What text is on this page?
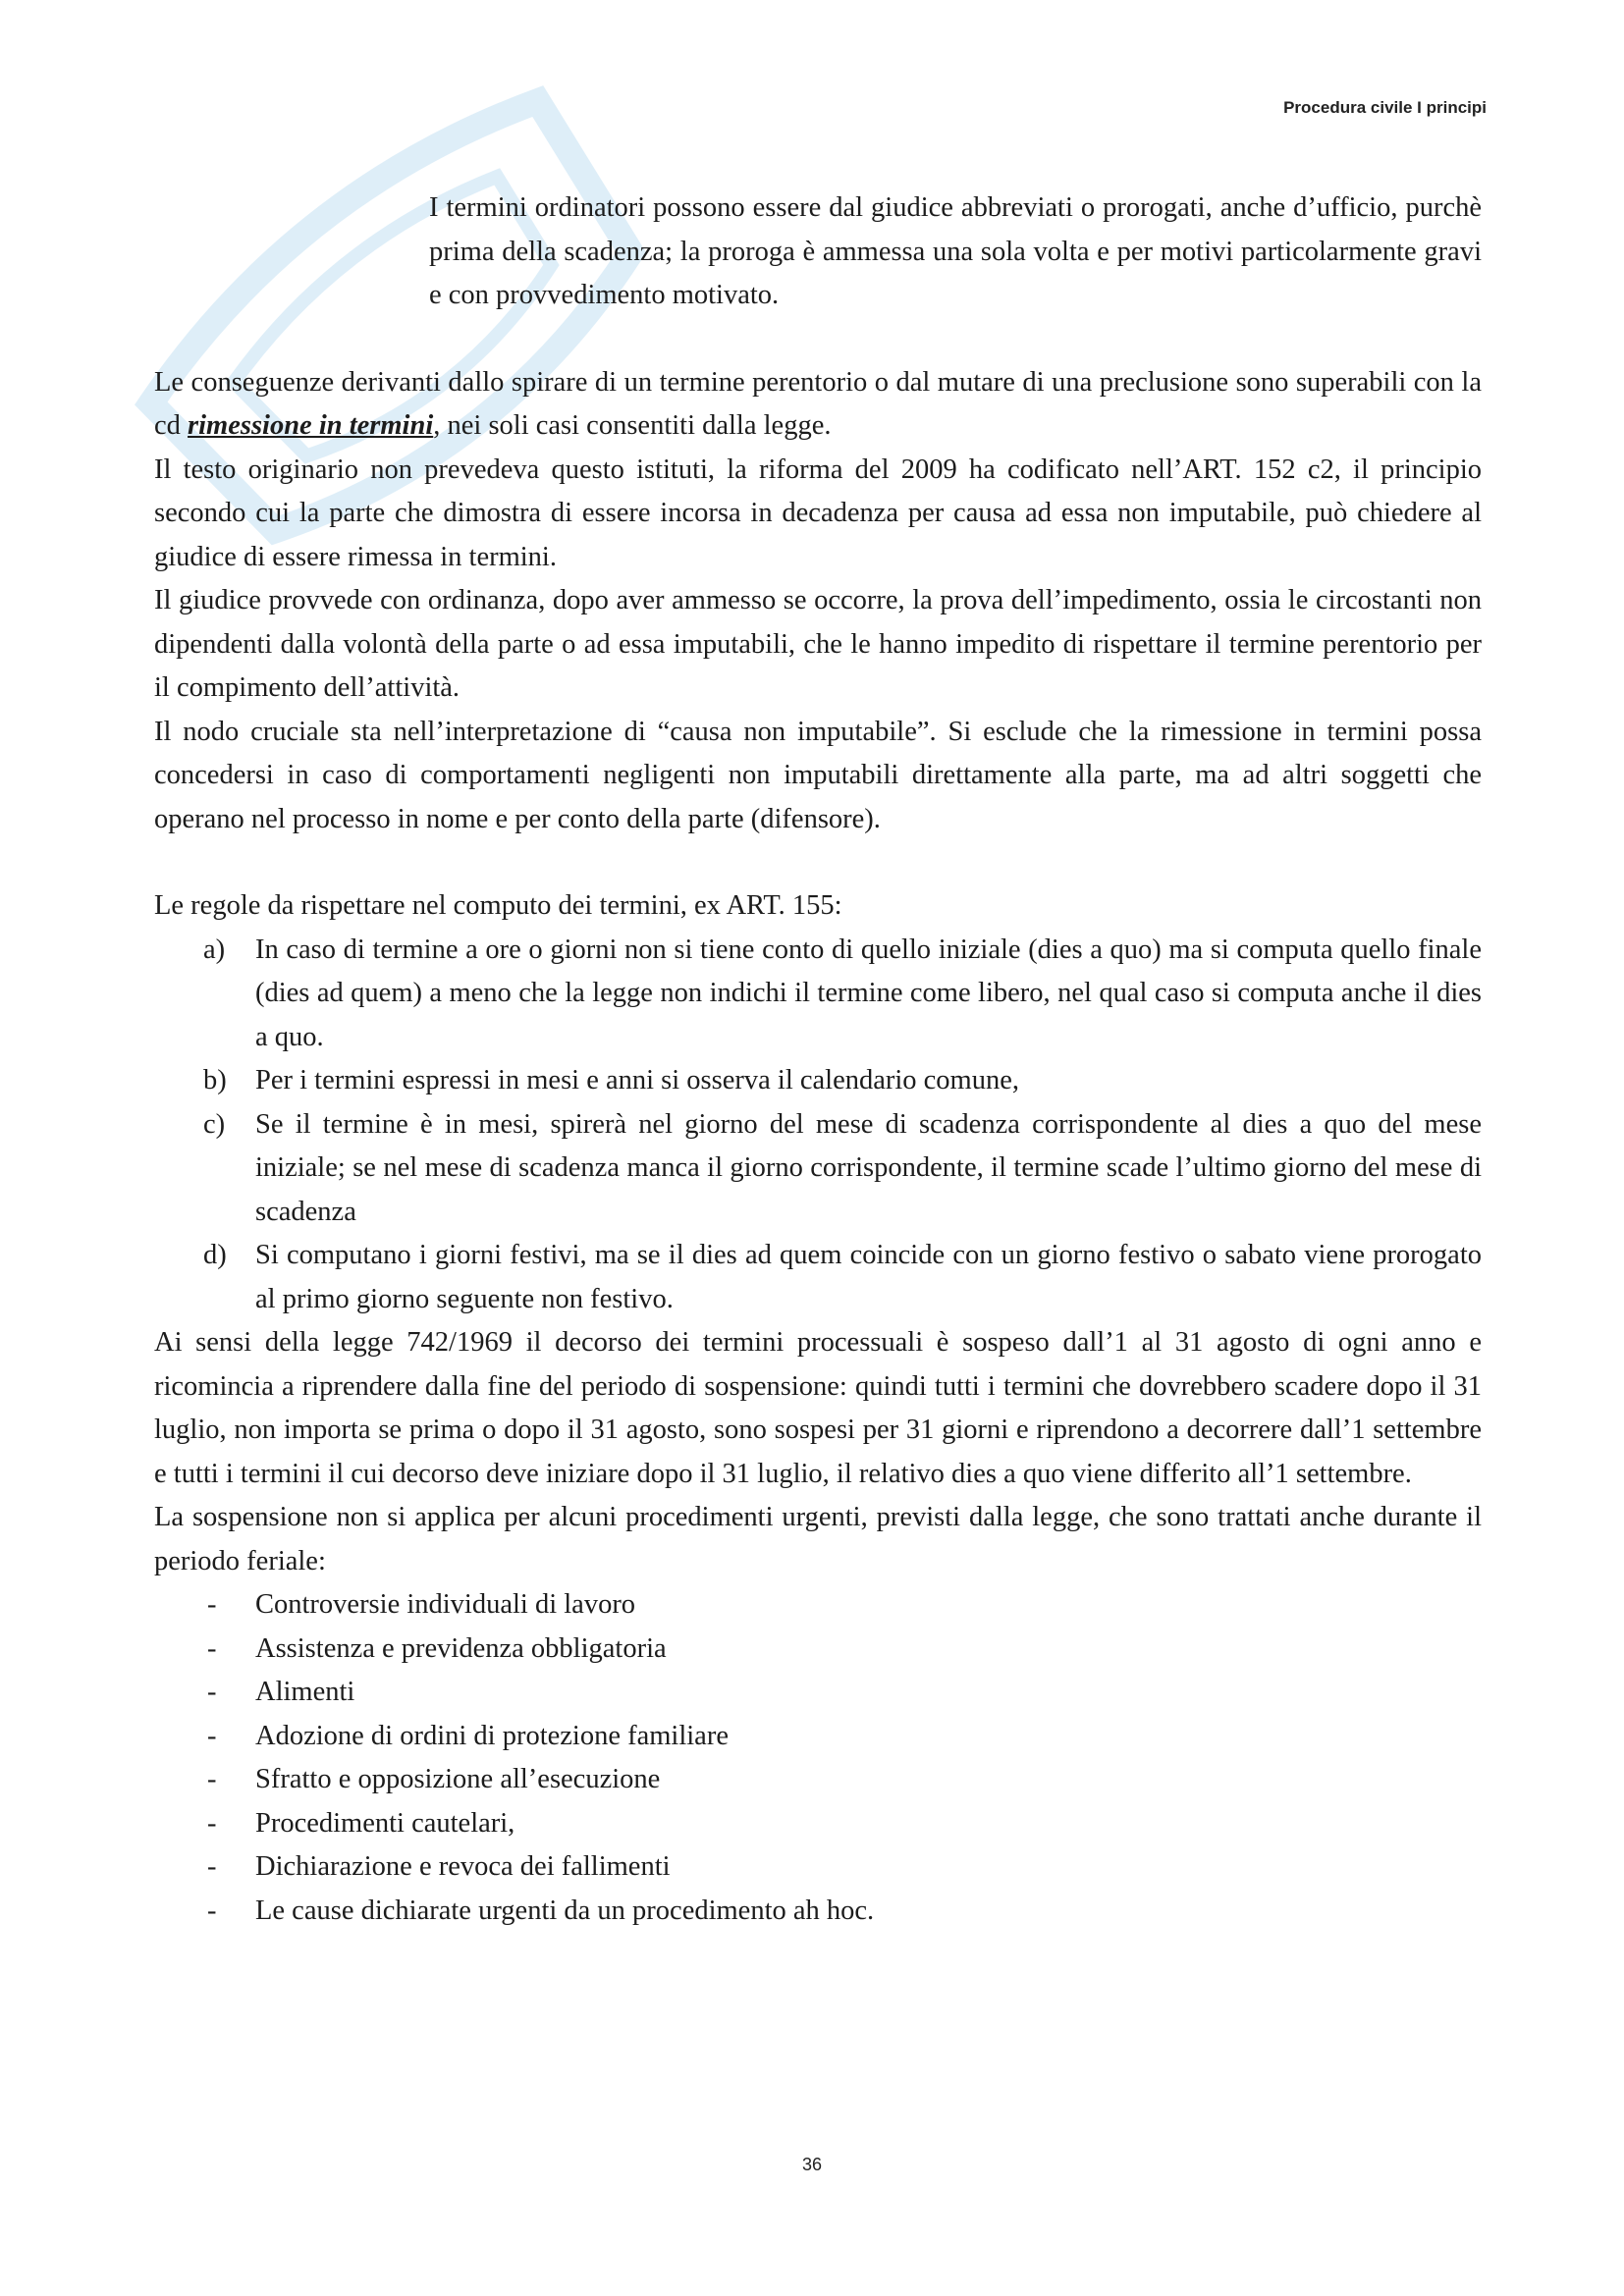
Procedura civile I principi

I termini ordinatori possono essere dal giudice abbreviati o prorogati, anche d’ufficio, purchè prima della scadenza; la proroga è ammessa una sola volta e per motivi particolarmente gravi e con provvedimento motivato.

Le conseguenze derivanti dallo spirare di un termine perentorio o dal mutare di una preclusione sono superabili con la cd rimessione in termini, nei soli casi consentiti dalla legge.

Il testo originario non prevedeva questo istituti, la riforma del 2009 ha codificato nell’ART. 152 c2, il principio secondo cui la parte che dimostra di essere incorsa in decadenza per causa ad essa non imputabile, può chiedere al giudice di essere rimessa in termini.

Il giudice provvede con ordinanza, dopo aver ammesso se occorre, la prova dell’impedimento, ossia le circostanti non dipendenti dalla volontà della parte o ad essa imputabili, che le hanno impedito di rispettare il termine perentorio per il compimento dell’attività.

Il nodo cruciale sta nell’interpretazione di “causa non imputabile”. Si esclude che la rimessione in termini possa concedersi in caso di comportamenti negligenti non imputabili direttamente alla parte, ma ad altri soggetti che operano nel processo in nome e per conto della parte (difensore).

Le regole da rispettare nel computo dei termini, ex ART. 155:

a) In caso di termine a ore o giorni non si tiene conto di quello iniziale (dies a quo) ma si computa quello finale (dies ad quem) a meno che la legge non indichi il termine come libero, nel qual caso si computa anche il dies a quo.
b) Per i termini espressi in mesi e anni si osserva il calendario comune,
c) Se il termine è in mesi, spirerà nel giorno del mese di scadenza corrispondente al dies a quo del mese iniziale; se nel mese di scadenza manca il giorno corrispondente, il termine scade l’ultimo giorno del mese di scadenza
d) Si computano i giorni festivi, ma se il dies ad quem coincide con un giorno festivo o sabato viene prorogato al primo giorno seguente non festivo.

Ai sensi della legge 742/1969 il decorso dei termini processuali è sospeso dall’1 al 31 agosto di ogni anno e ricomincia a riprendere dalla fine del periodo di sospensione: quindi tutti i termini che dovrebbero scadere dopo il 31 luglio, non importa se prima o dopo il 31 agosto, sono sospesi per 31 giorni e riprendono a decorrere dall’1 settembre e tutti i termini il cui decorso deve iniziare dopo il 31 luglio, il relativo dies a quo viene differito all’1 settembre.

La sospensione non si applica per alcuni procedimenti urgenti, previsti dalla legge, che sono trattati anche durante il periodo feriale:

- Controversie individuali di lavoro
- Assistenza e previdenza obbligatoria
- Alimenti
- Adozione di ordini di protezione familiare
- Sfratto e opposizione all’esecuzione
- Procedimenti cautelari,
- Dichiarazione e revoca dei fallimenti
- Le cause dichiarate urgenti da un procedimento ah hoc.
36
